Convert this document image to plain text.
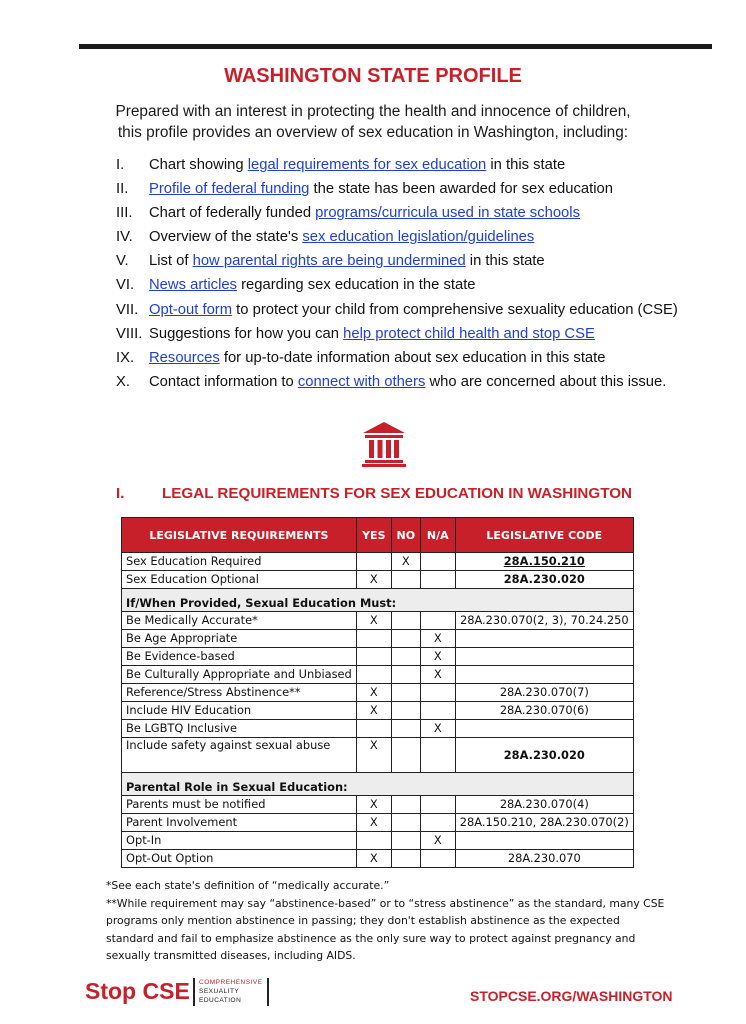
WASHINGTON STATE PROFILE
Prepared with an interest in protecting the health and innocence of children,
this profile provides an overview of sex education in Washington, including:
I. Chart showing legal requirements for sex education in this state
II. Profile of federal funding the state has been awarded for sex education
III. Chart of federally funded programs/curricula used in state schools
IV. Overview of the state's sex education legislation/guidelines
V. List of how parental rights are being undermined in this state
VI. News articles regarding sex education in the state
VII. Opt-out form to protect your child from comprehensive sexuality education (CSE)
VIII. Suggestions for how you can help protect child health and stop CSE
IX. Resources for up-to-date information about sex education in this state
X. Contact information to connect with others who are concerned about this issue.
I. LEGAL REQUIREMENTS FOR SEX EDUCATION IN WASHINGTON
LEGISLATIVE REQUIREMENTS	YES	NO	N/A	LEGISLATIVE CODE
Sex Education Required		X		28A.150.210
Sex Education Optional	X			28A.230.020
If/When Provided, Sexual Education Must:				
Be Medically Accurate*	X			28A.230.070(2, 3), 70.24.250
Be Age Appropriate			X	
Be Evidence-based			X	
Be Culturally Appropriate and Unbiased			X	
Reference/Stress Abstinence**	X			28A.230.070(7)
Include HIV Education	X			28A.230.070(6)
Be LGBTQ Inclusive			X	
Include safety against sexual abuse	X			28A.230.020
Parental Role in Sexual Education:				
Parents must be notified	X			28A.230.070(4)
Parent Involvement	X			28A.150.210, 28A.230.070(2)
Opt-In			X	
Opt-Out Option	X			28A.230.070
*See each state's definition of “medically accurate.”
**While requirement may say “abstinence-based” or to “stress abstinence” as the standard, many CSE programs only mention abstinence in passing; they don't establish abstinence as the expected standard and fail to emphasize abstinence as the only sure way to protect against pregnancy and sexually transmitted diseases, including AIDS.
Stop CSE COMPREHENSIVE
SEXUALITY
EDUCATION	STOPCSE.ORG/WASHINGTON
